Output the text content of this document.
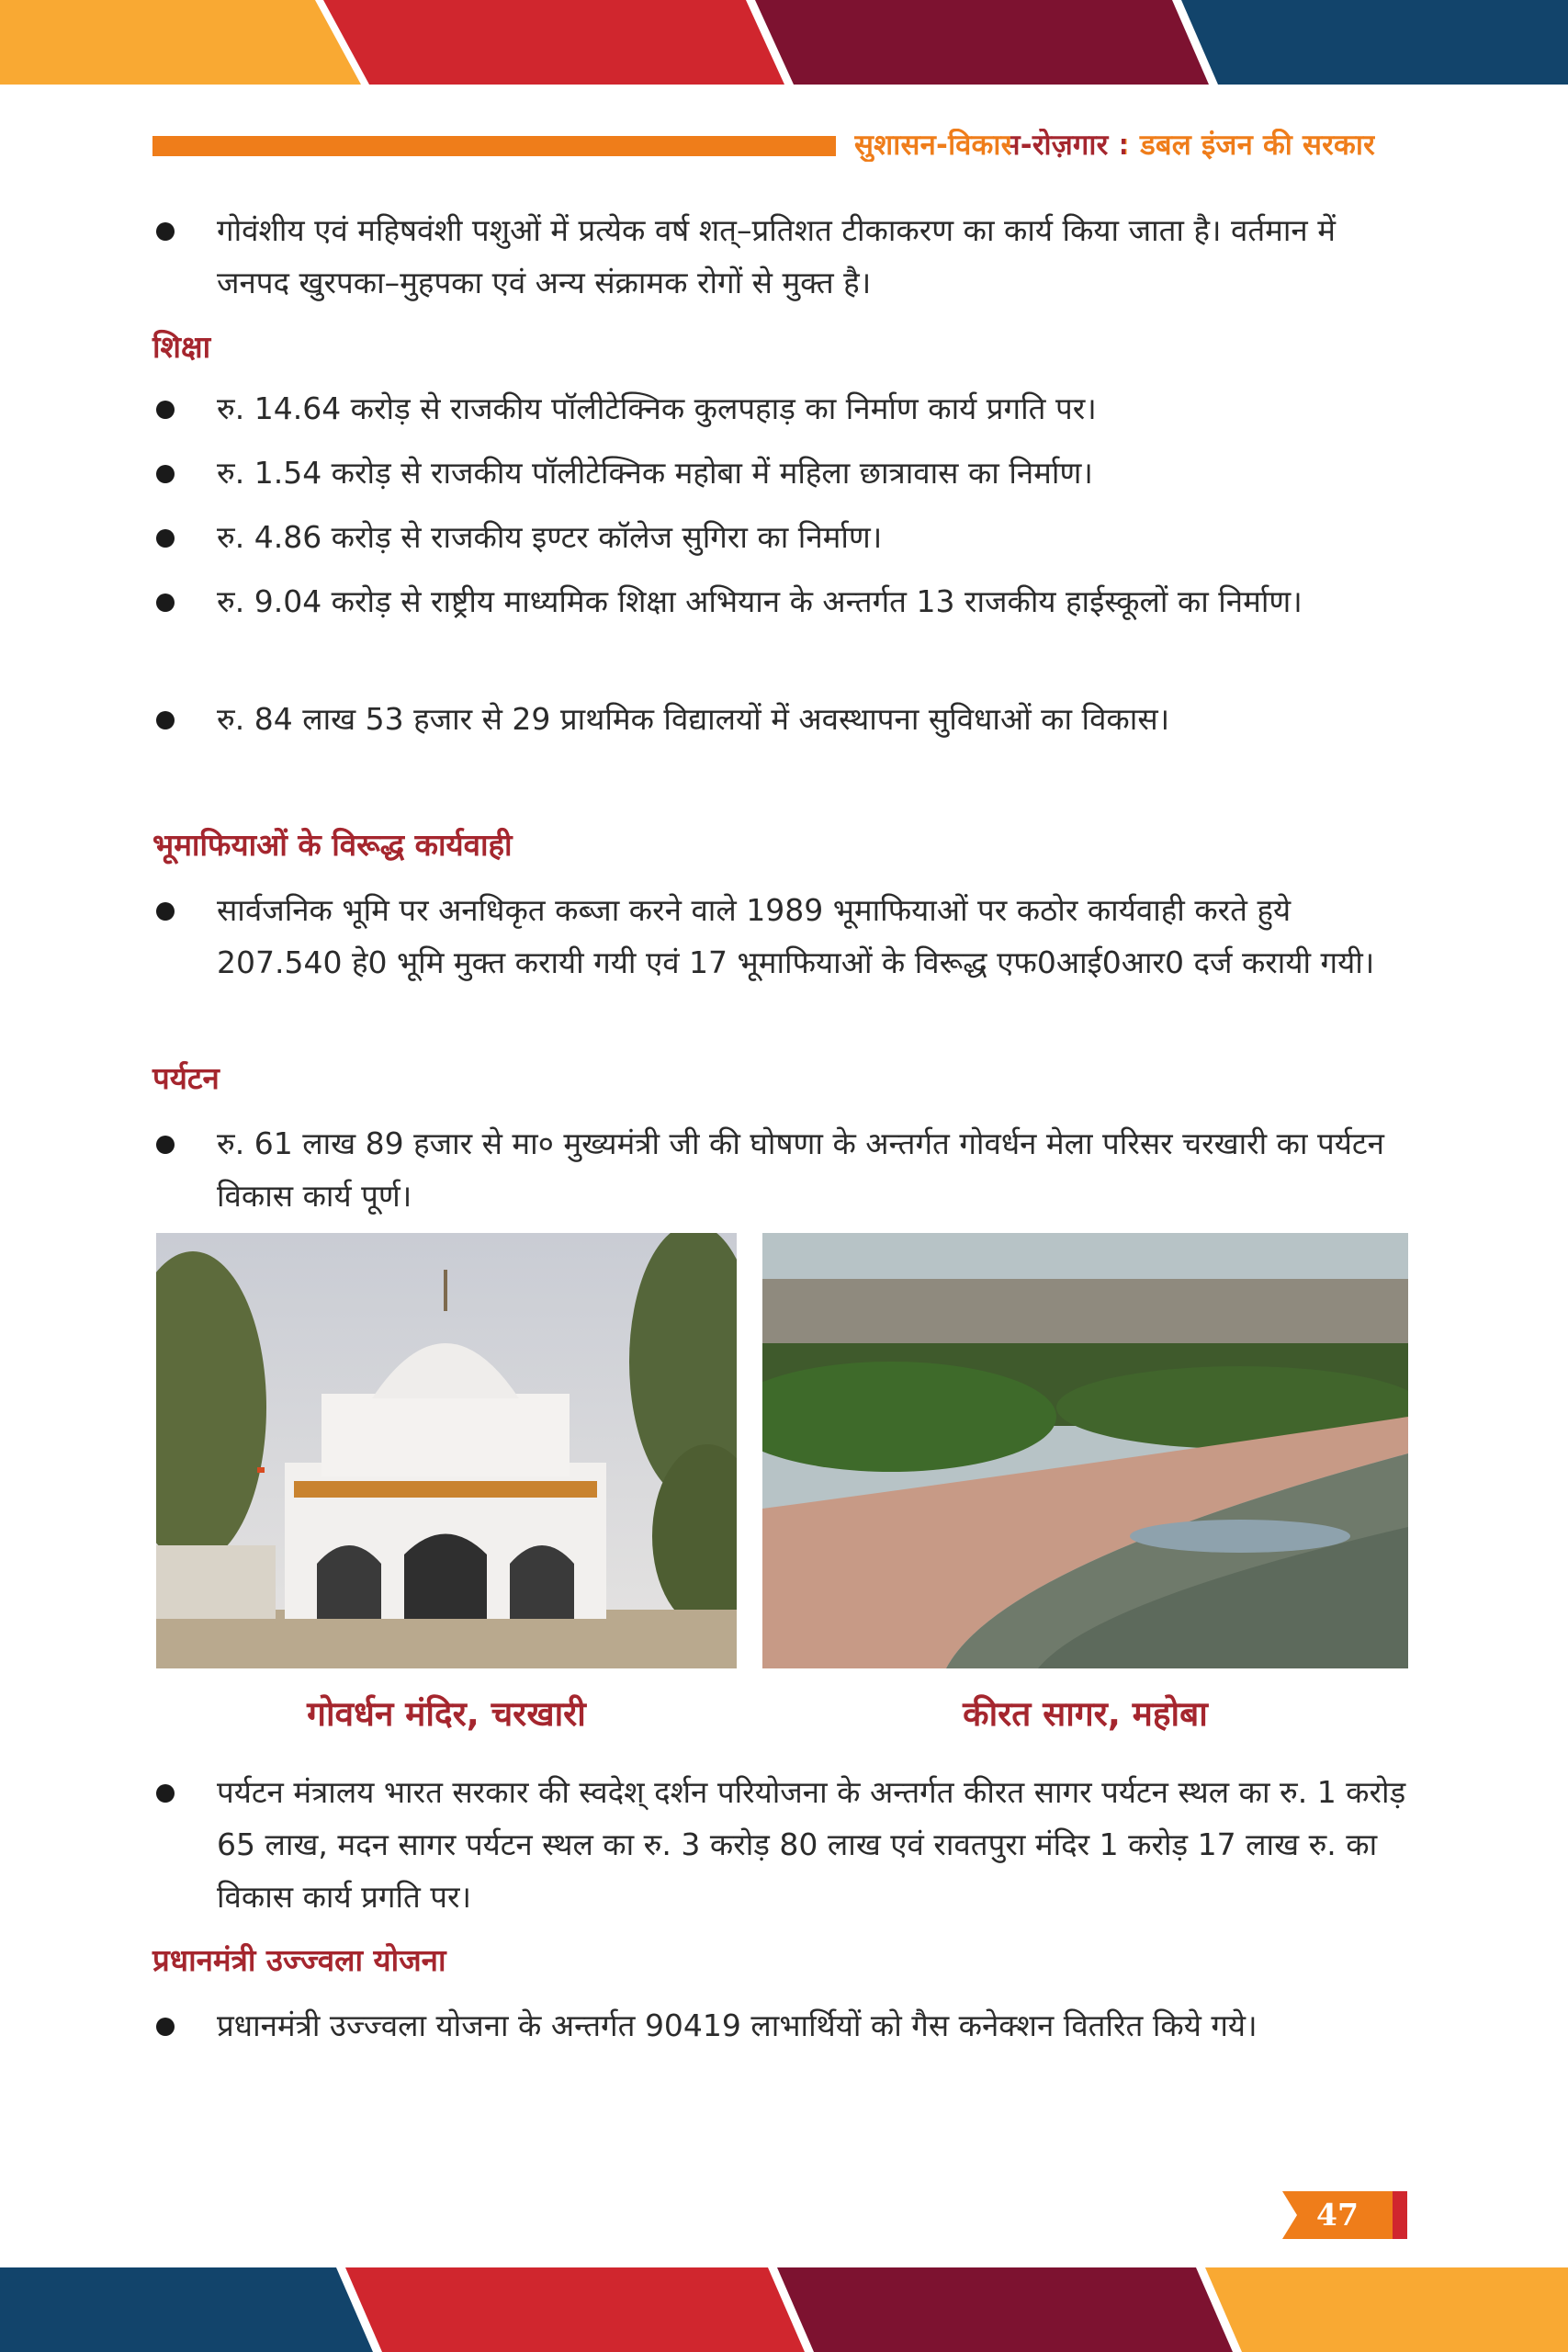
सुशासन-विकास-रोज़गार : डबल इंजन की सरकार
गोवंशीय एवं महिषवंशी पशुओं में प्रत्येक वर्ष शत्–प्रतिशत टीकाकरण का कार्य किया जाता है। वर्तमान में जनपद खुरपका–मुहपका एवं अन्य संक्रामक रोगों से मुक्त है।
शिक्षा
रु. 14.64 करोड़ से राजकीय पॉलीटेक्निक कुलपहाड़ का निर्माण कार्य प्रगति पर।
रु. 1.54 करोड़ से राजकीय पॉलीटेक्निक महोबा में महिला छात्रावास का निर्माण।
रु. 4.86 करोड़ से राजकीय इण्टर कॉलेज सुगिरा का निर्माण।
रु. 9.04 करोड़ से राष्ट्रीय माध्यमिक शिक्षा अभियान के अन्तर्गत 13 राजकीय हाईस्कूलों का निर्माण।
रु. 84 लाख 53 हजार से 29 प्राथमिक विद्यालयों में अवस्थापना सुविधाओं का विकास।
भूमाफियाओं के विरूद्ध कार्यवाही
सार्वजनिक भूमि पर अनधिकृत कब्जा करने वाले 1989 भूमाफियाओं पर कठोर कार्यवाही करते हुये 207.540 हे0 भूमि मुक्त करायी गयी एवं 17 भूमाफियाओं के विरूद्ध एफ0आई0आर0 दर्ज करायी गयी।
पर्यटन
रु. 61 लाख 89 हजार से मा० मुख्यमंत्री जी की घोषणा के अन्तर्गत गोवर्धन मेला परिसर चरखारी का पर्यटन विकास कार्य पूर्ण।
गोवर्धन मंदिर, चरखारी	कीरत सागर, महोबा
पर्यटन मंत्रालय भारत सरकार की स्वदेश् दर्शन परियोजना के अन्तर्गत कीरत सागर पर्यटन स्थल का रु. 1 करोड़ 65 लाख, मदन सागर पर्यटन स्थल का रु. 3 करोड़ 80 लाख एवं रावतपुरा मंदिर 1 करोड़ 17 लाख रु. का विकास कार्य प्रगति पर।
प्रधानमंत्री उज्ज्वला योजना
प्रधानमंत्री उज्ज्वला योजना के अन्तर्गत 90419 लाभार्थियों को गैस कनेक्शन वितरित किये गये।
47
